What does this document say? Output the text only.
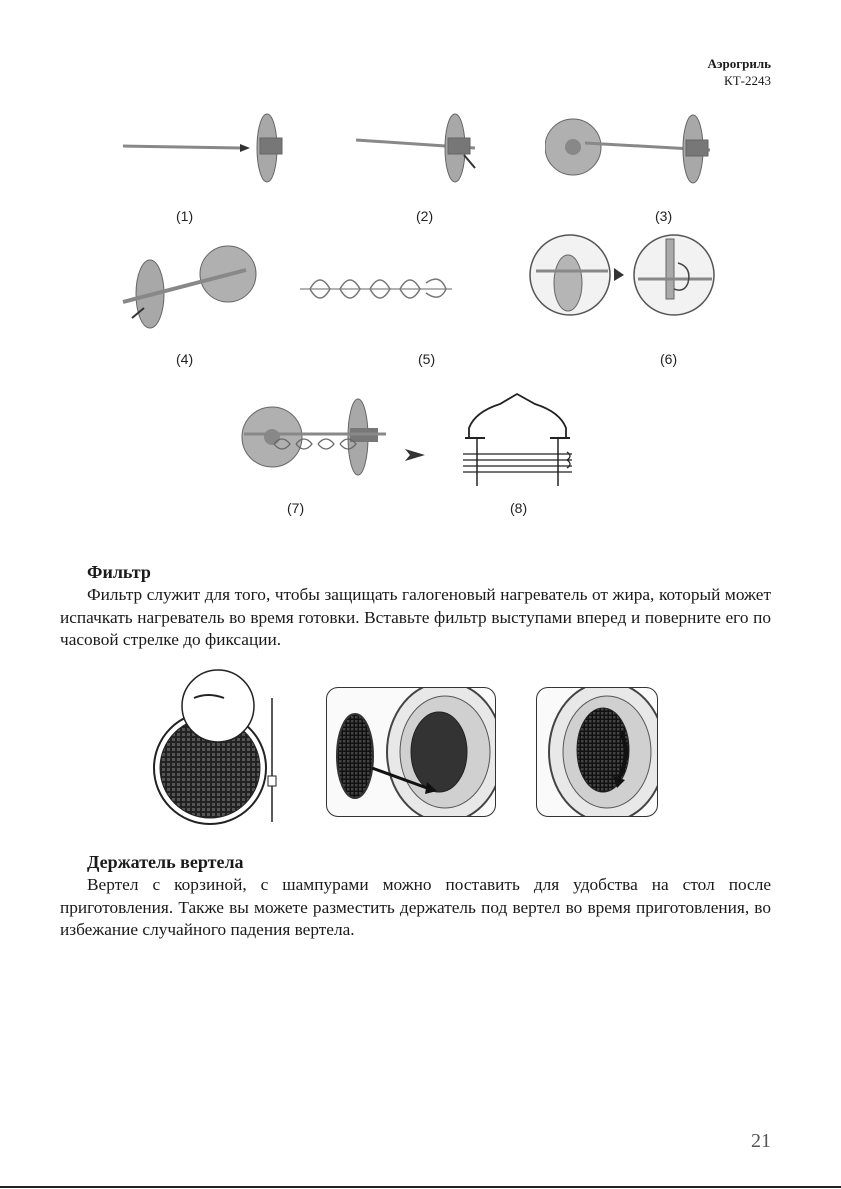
Аэрогриль
КТ-2243
(1)	(2)	(3)
(4)	(5)	(6)
(7)	(8)
Фильтр
Фильтр служит для того, чтобы защищать галогеновый нагреватель от жира, который может испачкать нагреватель во время готовки. Вставьте фильтр выступами вперед и поверните его по часовой стрелке до фиксации.
Держатель вертела
Вертел с корзиной, с шампурами можно поставить для удобства на стол после приготовления. Также вы можете разместить держатель под вертел во время приготовления, во избежание случайного падения вертела.
21
